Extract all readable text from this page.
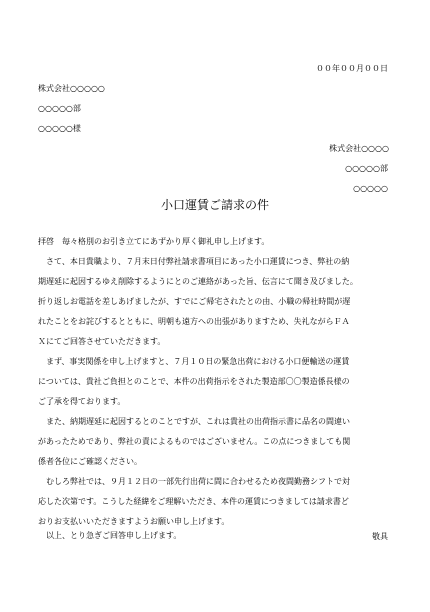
００年００月００日
株式会社○○○○○
○○○○○部
○○○○○様
株式会社○○○○
○○○○○部
○○○○○
小口運賃ご請求の件
拝啓　毎々格別のお引き立てにあずかり厚く御礼申し上げます。
　さて、本日貴職より、７月末日付弊社請求書項目にあった小口運賃につき、弊社の納
期遅延に起因するゆえ削除するようにとのご連絡があった旨、伝言にて聞き及びました。
折り返しお電話を差しあげましたが、すでにご帰宅されたとの由、小職の帰社時間が遅
れたことをお詫びするとともに、明朝も遠方への出張がありますため、失礼ながらＦＡ
Ｘにてご回答させていただきます。
　まず、事実関係を申し上げますと、７月１０日の緊急出荷における小口便輸送の運賃
については、貴社ご負担とのことで、本件の出荷指示をされた製造部〇〇製造係長様の
ご了承を得ております。
　また、納期遅延に起因するとのことですが、これは貴社の出荷指示書に品名の間違い
があったためであり、弊社の責によるものではございません。この点につきましても関
係者各位にご確認ください。
　むしろ弊社では、９月１２日の一部先行出荷に間に合わせるため夜間勤務シフトで対
応した次第です。こうした経緯をご理解いただき、本件の運賃につきましては請求書ど
おりお支払いいただきますようお願い申し上げます。
　以上、とり急ぎご回答申し上げます。	敬具
